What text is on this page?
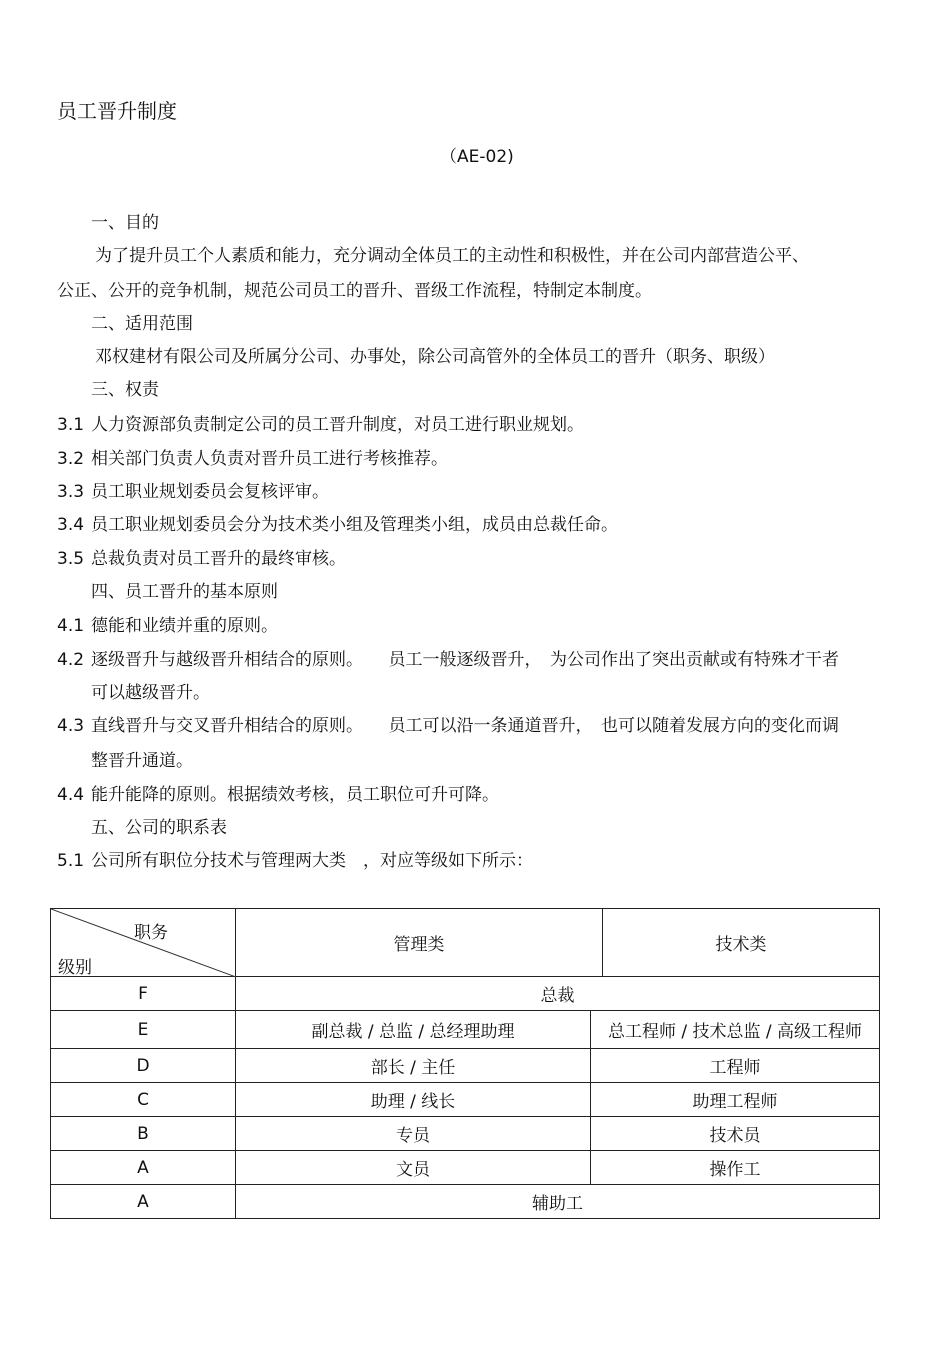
员工晋升制度
（AE-02)
一、目的
为了提升员工个人素质和能力，充分调动全体员工的主动性和积极性，并在公司内部营造公平、
公正、公开的竞争机制，规范公司员工的晋升、晋级工作流程，特制定本制度。
二、适用范围
邓权建材有限公司及所属分公司、办事处，除公司高管外的全体员工的晋升（职务、职级）
三、权责
3.1 人力资源部负责制定公司的员工晋升制度，对员工进行职业规划。
3.2 相关部门负责人负责对晋升员工进行考核推荐。
3.3 员工职业规划委员会复核评审。
3.4 员工职业规划委员会分为技术类小组及管理类小组，成员由总裁任命。
3.5 总裁负责对员工晋升的最终审核。
四、员工晋升的基本原则
4.1 德能和业绩并重的原则。
4.2 逐级晋升与越级晋升相结合的原则。　　员工一般逐级晋升，　为公司作出了突出贡献或有特殊才干者
可以越级晋升。
4.3 直线晋升与交叉晋升相结合的原则。　　员工可以沿一条通道晋升，　也可以随着发展方向的变化而调
整晋升通道。
4.4 能升能降的原则。根据绩效考核，员工职位可升可降。
五、公司的职系表
5.1 公司所有职位分技术与管理两大类　，对应等级如下所示：
职务
级别	管理类		技术类
F	总裁		
E	副总裁 / 总监 / 总经理助理	总工程师 / 技术总监 / 高级工程师	
D	部长 / 主任	工程师	
C	助理 / 线长	助理工程师	
B	专员	技术员	
A	文员	操作工	
A	辅助工		
